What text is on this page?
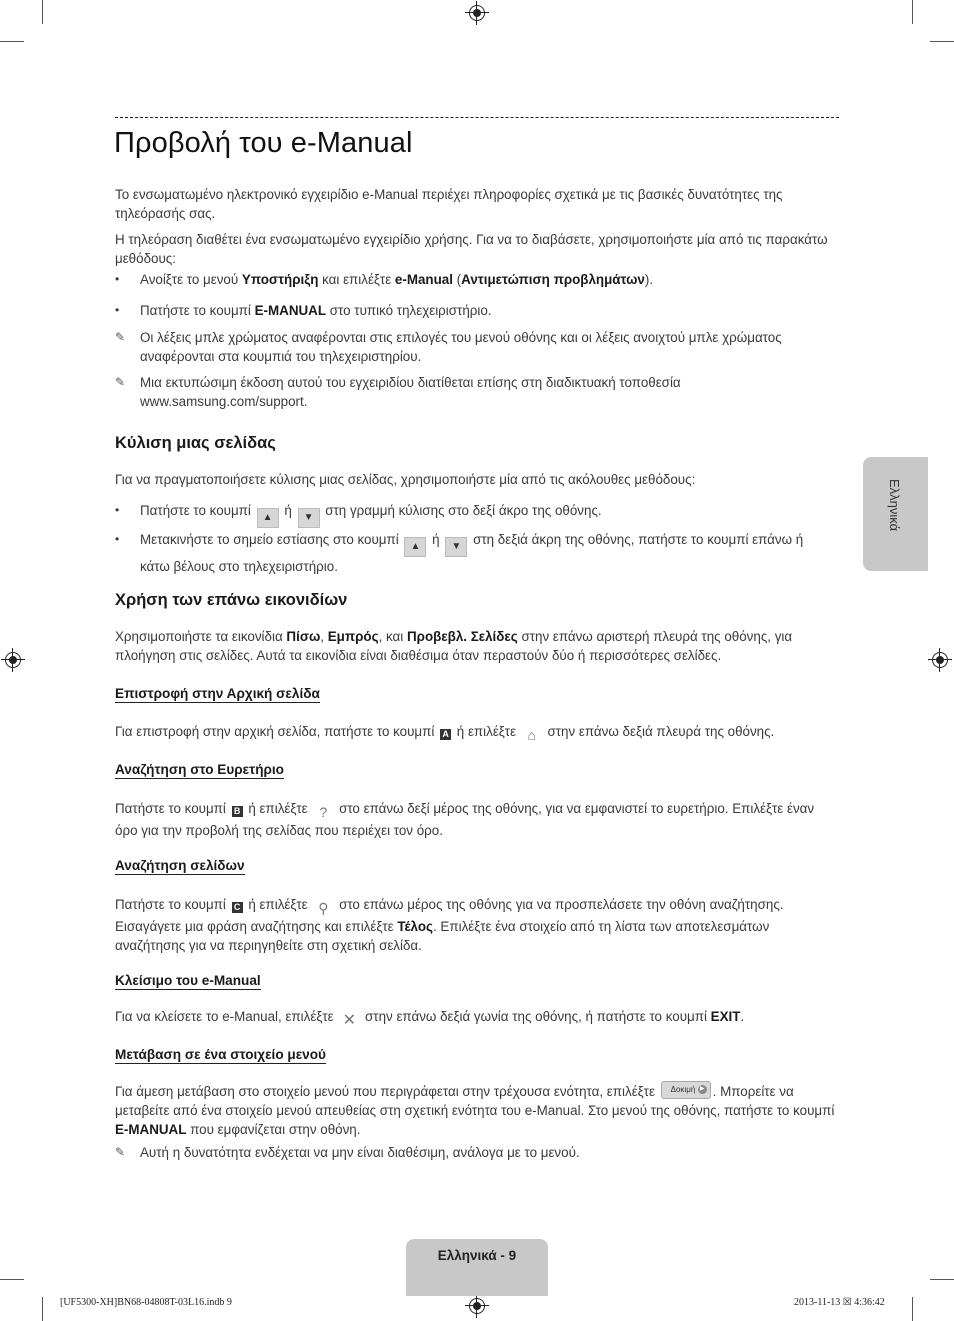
Προβολή του e-Manual
Ελληνικά

Το ενσωματωμένο ηλεκτρονικό εγχειρίδιο e-Manual περιέχει πληροφορίες σχετικά με τις βασικές δυνατότητες της τηλεόρασής σας.

Η τηλεόραση διαθέτει ένα ενσωματωμένο εγχειρίδιο χρήσης. Για να το διαβάσετε, χρησιμοποιήστε μία από τις παρακάτω μεθόδους:

•	Ανοίξτε το μενού Υποστήριξη και επιλέξτε e-Manual (Αντιμετώπιση προβλημάτων).
•	Πατήστε το κουμπί E-MANUAL στο τυπικό τηλεχειριστήριο.
✎	Οι λέξεις μπλε χρώματος αναφέρονται στις επιλογές του μενού οθόνης και οι λέξεις ανοιχτού μπλε χρώματος αναφέρονται στα κουμπιά του τηλεχειριστηρίου.
✎	Μια εκτυπώσιμη έκδοση αυτού του εγχειριδίου διατίθεται επίσης στη διαδικτυακή τοποθεσία www.samsung.com/support.
Κύλιση μιας σελίδας

Για να πραγματοποιήσετε κύλισης μιας σελίδας, χρησιμοποιήστε μία από τις ακόλουθες μεθόδους:

•	Πατήστε το κουμπί ▲ ή ▼ στη γραμμή κύλισης στο δεξί άκρο της οθόνης.
•	Μετακινήστε το σημείο εστίασης στο κουμπί ▲ ή ▼ στη δεξιά άκρη της οθόνης, πατήστε το κουμπί επάνω ή κάτω βέλους στο τηλεχειριστήριο.
Χρήση των επάνω εικονιδίων

Χρησιμοποιήστε τα εικονίδια Πίσω, Εμπρός, και Προβεβλ. Σελίδες στην επάνω αριστερή πλευρά της οθόνης, για πλοήγηση στις σελίδες. Αυτά τα εικονίδια είναι διαθέσιμα όταν περαστούν δύο ή περισσότερες σελίδες.

Επιστροφή στην Αρχική σελίδα

Για επιστροφή στην αρχική σελίδα, πατήστε το κουμπί A ή επιλέξτε ⌂ στην επάνω δεξιά πλευρά της οθόνης.

Αναζήτηση στο Ευρετήριο

Πατήστε το κουμπί B ή επιλέξτε ? στο επάνω δεξί μέρος της οθόνης, για να εμφανιστεί το ευρετήριο. Επιλέξτε έναν όρο για την προβολή της σελίδας που περιέχει τον όρο.

Αναζήτηση σελίδων

Πατήστε το κουμπί C ή επιλέξτε ⚲ στο επάνω μέρος της οθόνης για να προσπελάσετε την οθόνη αναζήτησης. Εισαγάγετε μια φράση αναζήτησης και επιλέξτε Τέλος. Επιλέξτε ένα στοιχείο από τη λίστα των αποτελεσμάτων αναζήτησης για να περιηγηθείτε στη σχετική σελίδα.

Κλείσιμο του e-Manual

Για να κλείσετε το e-Manual, επιλέξτε ✕ στην επάνω δεξιά γωνία της οθόνης, ή πατήστε το κουμπί EXIT.

Μετάβαση σε ένα στοιχείο μενού

Για άμεση μετάβαση στο στοιχείο μενού που περιγράφεται στην τρέχουσα ενότητα, επιλέξτε Δοκιμή ▶ . Μπορείτε να μεταβείτε από ένα στοιχείο μενού απευθείας στη σχετική ενότητα του e-Manual. Στο μενού της οθόνης, πατήστε το κουμπί E-MANUAL που εμφανίζεται στην οθόνη.

✎	Αυτή η δυνατότητα ενδέχεται να μην είναι διαθέσιμη, ανάλογα με το μενού.
Ελληνικά - 9
[UF5300-XH]BN68-04808T-03L16.indb 9	2013-11-13 ☒ 4:36:42
